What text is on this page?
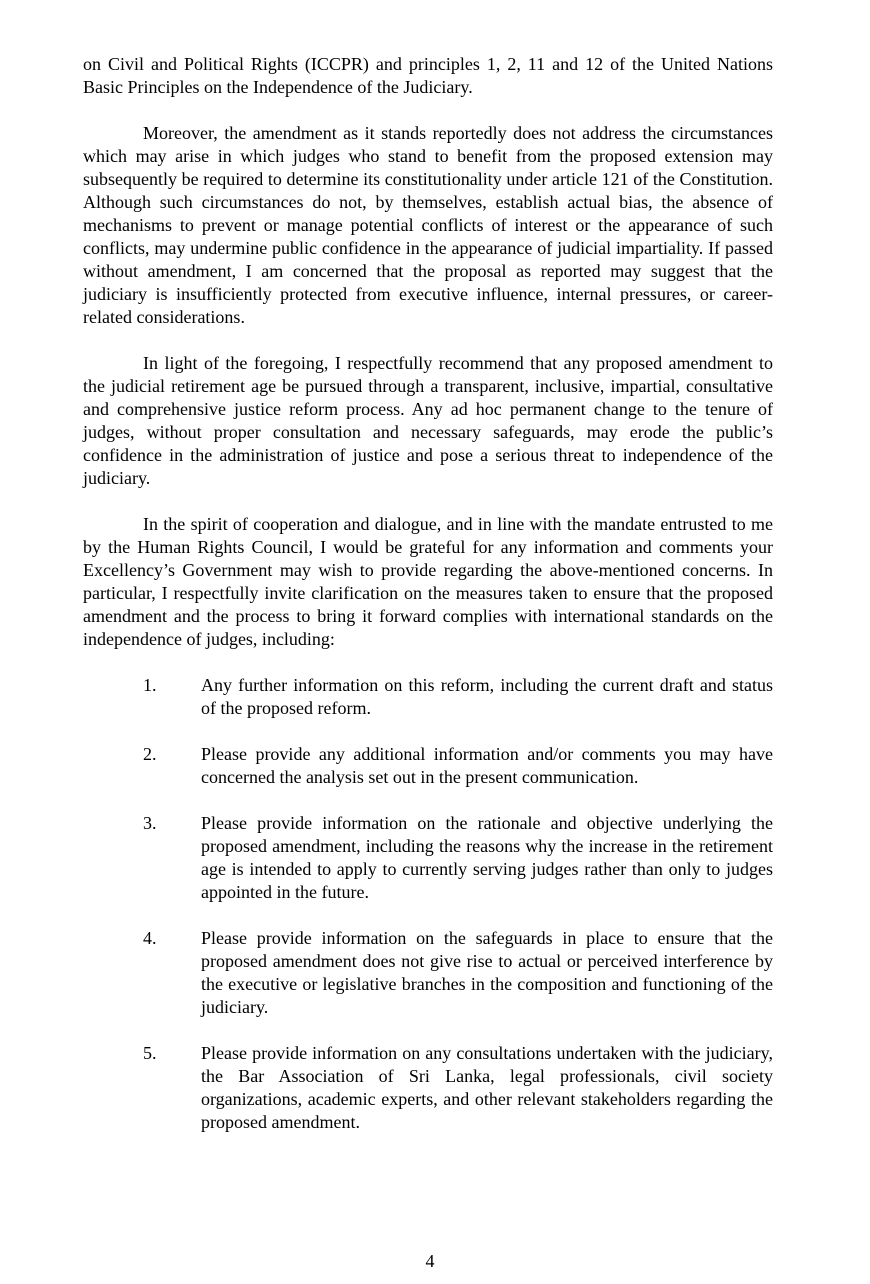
on Civil and Political Rights (ICCPR) and principles 1, 2, 11 and 12 of the United Nations Basic Principles on the Independence of the Judiciary.

Moreover, the amendment as it stands reportedly does not address the circumstances which may arise in which judges who stand to benefit from the proposed extension may subsequently be required to determine its constitutionality under article 121 of the Constitution. Although such circumstances do not, by themselves, establish actual bias, the absence of mechanisms to prevent or manage potential conflicts of interest or the appearance of such conflicts, may undermine public confidence in the appearance of judicial impartiality. If passed without amendment, I am concerned that the proposal as reported may suggest that the judiciary is insufficiently protected from executive influence, internal pressures, or career-related considerations.

In light of the foregoing, I respectfully recommend that any proposed amendment to the judicial retirement age be pursued through a transparent, inclusive, impartial, consultative and comprehensive justice reform process. Any ad hoc permanent change to the tenure of judges, without proper consultation and necessary safeguards, may erode the public’s confidence in the administration of justice and pose a serious threat to independence of the judiciary.

In the spirit of cooperation and dialogue, and in line with the mandate entrusted to me by the Human Rights Council, I would be grateful for any information and comments your Excellency’s Government may wish to provide regarding the above-mentioned concerns. In particular, I respectfully invite clarification on the measures taken to ensure that the proposed amendment and the process to bring it forward complies with international standards on the independence of judges, including:

1.	Any further information on this reform, including the current draft and status of the proposed reform.
2.	Please provide any additional information and/or comments you may have concerned the analysis set out in the present communication.
3.	Please provide information on the rationale and objective underlying the proposed amendment, including the reasons why the increase in the retirement age is intended to apply to currently serving judges rather than only to judges appointed in the future.
4.	Please provide information on the safeguards in place to ensure that the proposed amendment does not give rise to actual or perceived interference by the executive or legislative branches in the composition and functioning of the judiciary.
5.	Please provide information on any consultations undertaken with the judiciary, the Bar Association of Sri Lanka, legal professionals, civil society organizations, academic experts, and other relevant stakeholders regarding the proposed amendment.
4
